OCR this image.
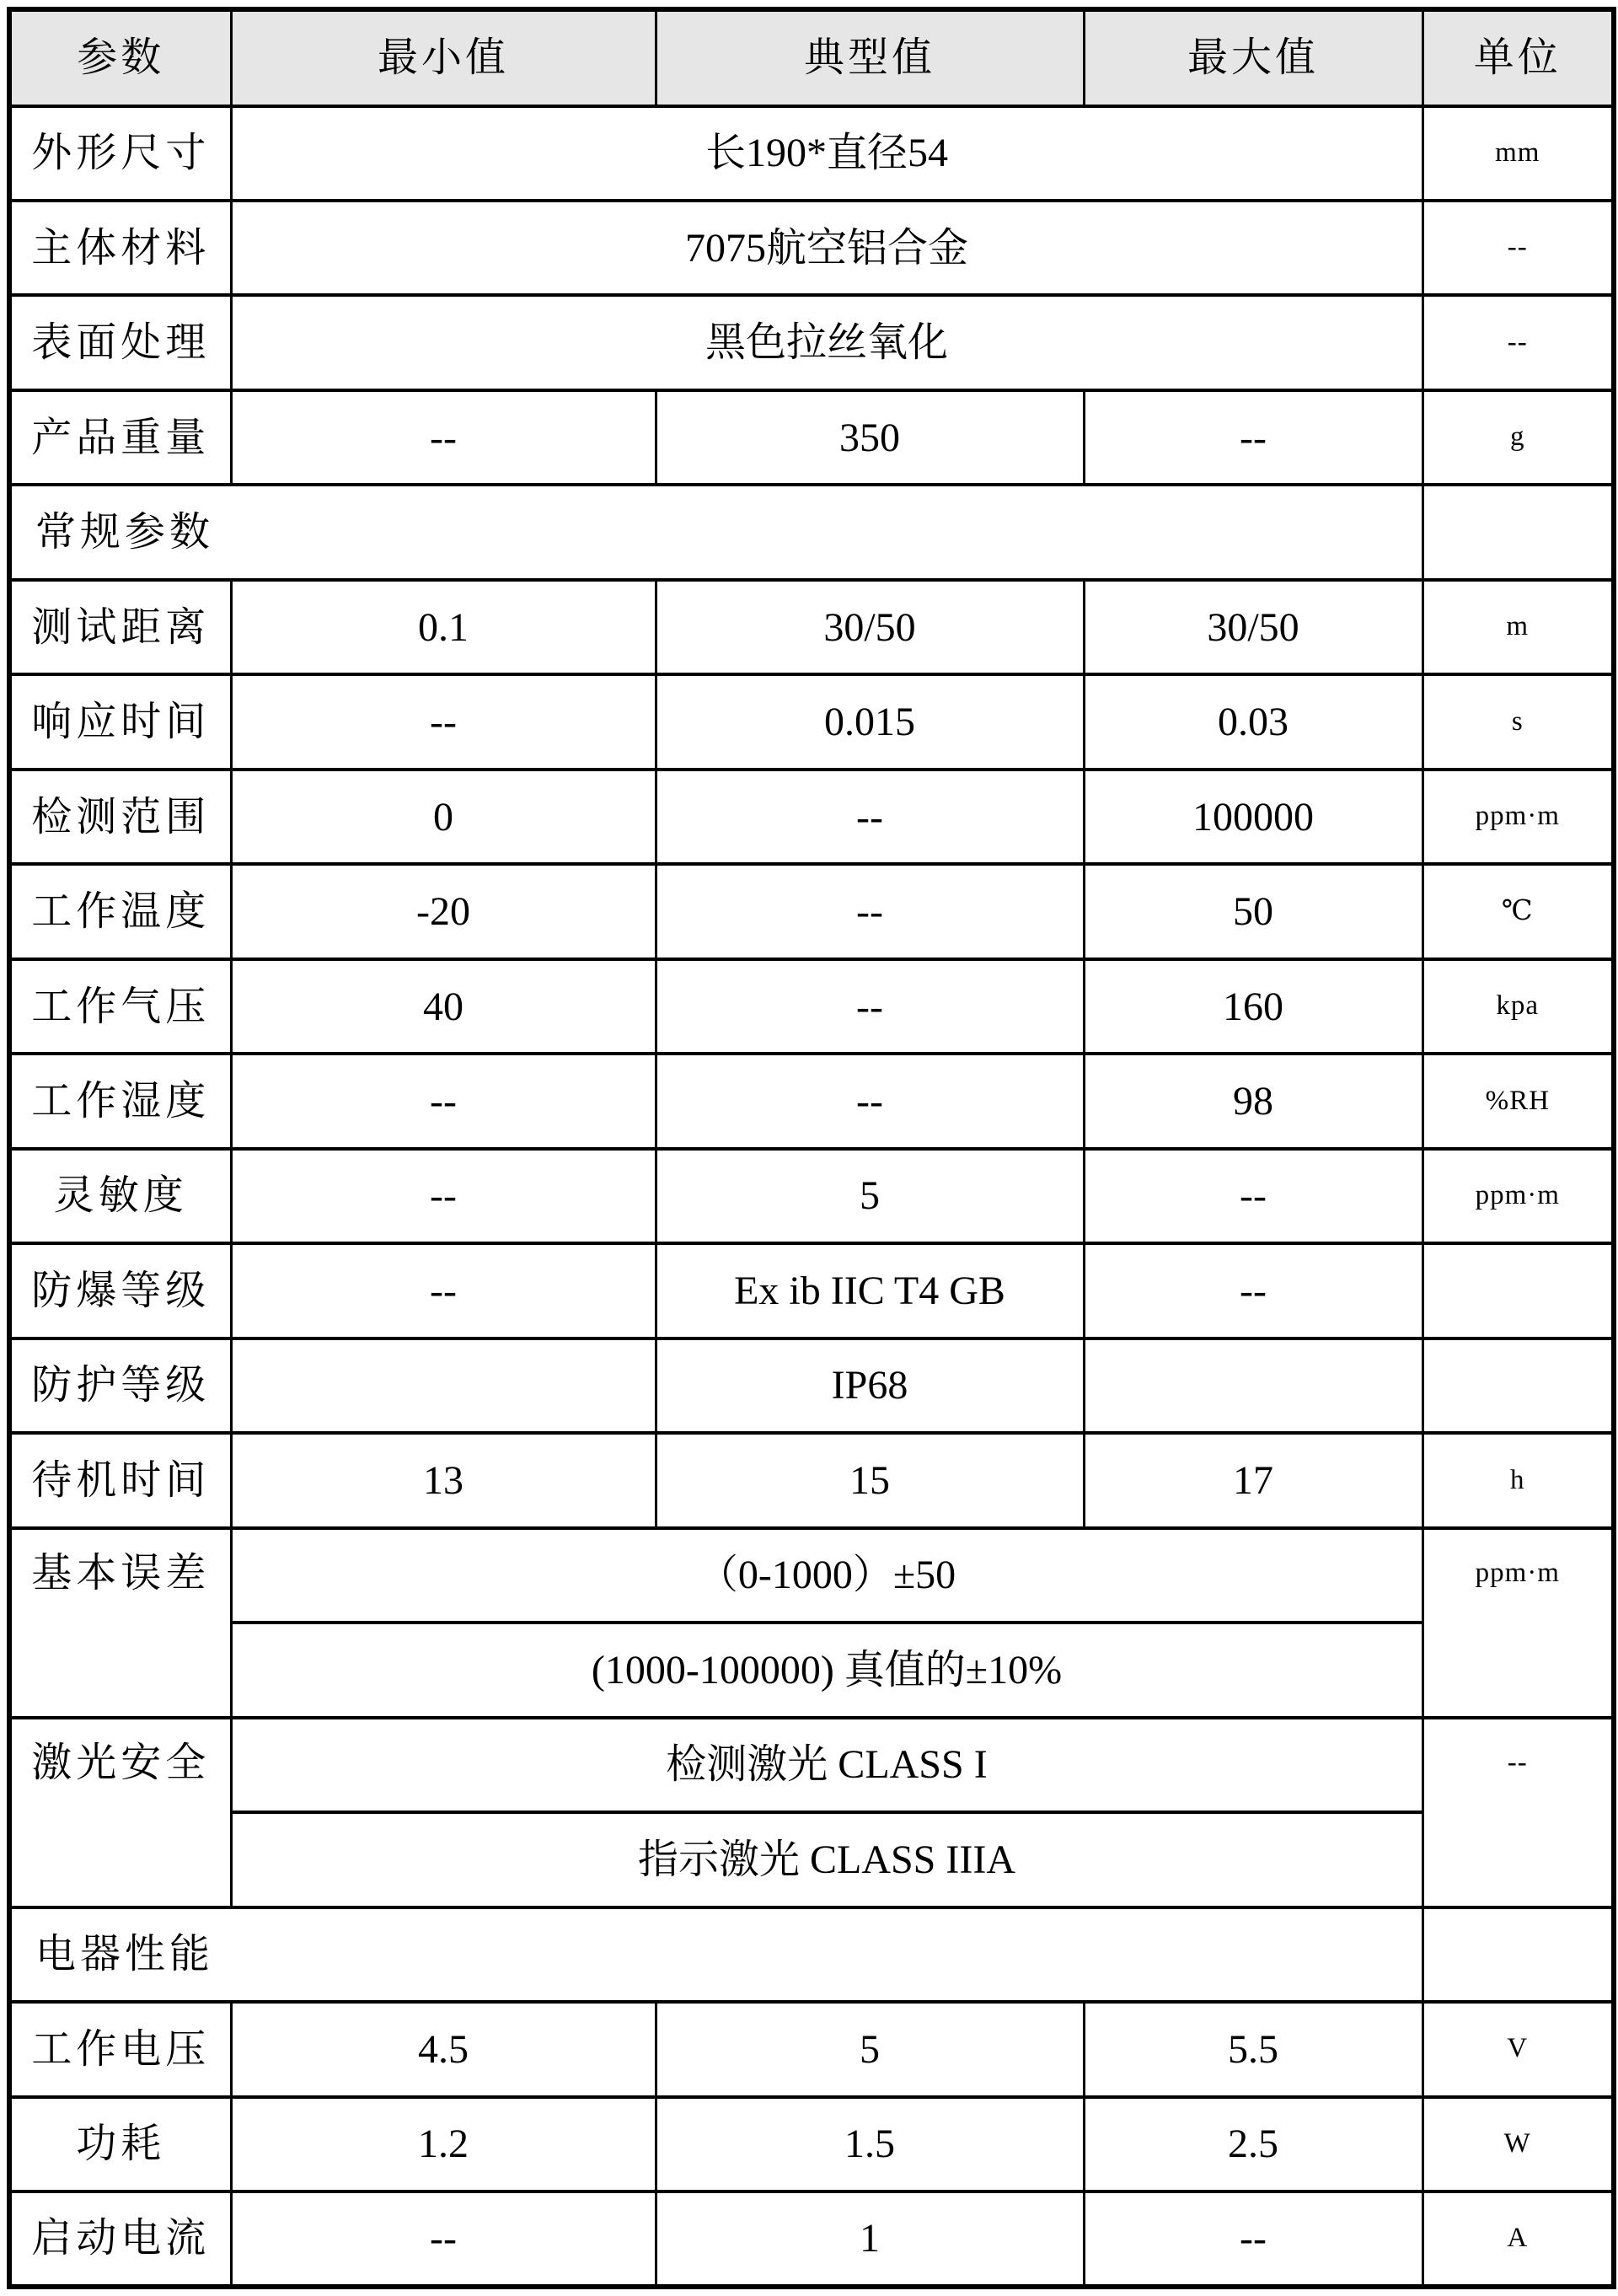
参数	最小值	典型值	最大值	单位
外形尺寸	长190*直径54			mm
主体材料	7075航空铝合金			--
表面处理	黑色拉丝氧化			--
产品重量	--	350	--	g
常规参数				
测试距离	0.1	30/50	30/50	m
响应时间	--	0.015	0.03	s
检测范围	0	--	100000	ppm·m
工作温度	-20	--	50	℃
工作气压	40	--	160	kpa
工作湿度	--	--	98	%RH
灵敏度	--	5	--	ppm·m
防爆等级	--	Ex ib IIC T4 GB	--	
防护等级		IP68		
待机时间	13	15	17	h

基本误差	（0-1000）±50			ppm·m

	(1000-100000) 真值的±10%			

激光安全	检测激光 CLASS I			--

	指示激光 CLASS IIIA			
电器性能				
工作电压	4.5	5	5.5	V
功耗	1.2	1.5	2.5	W
启动电流	--	1	--	A
